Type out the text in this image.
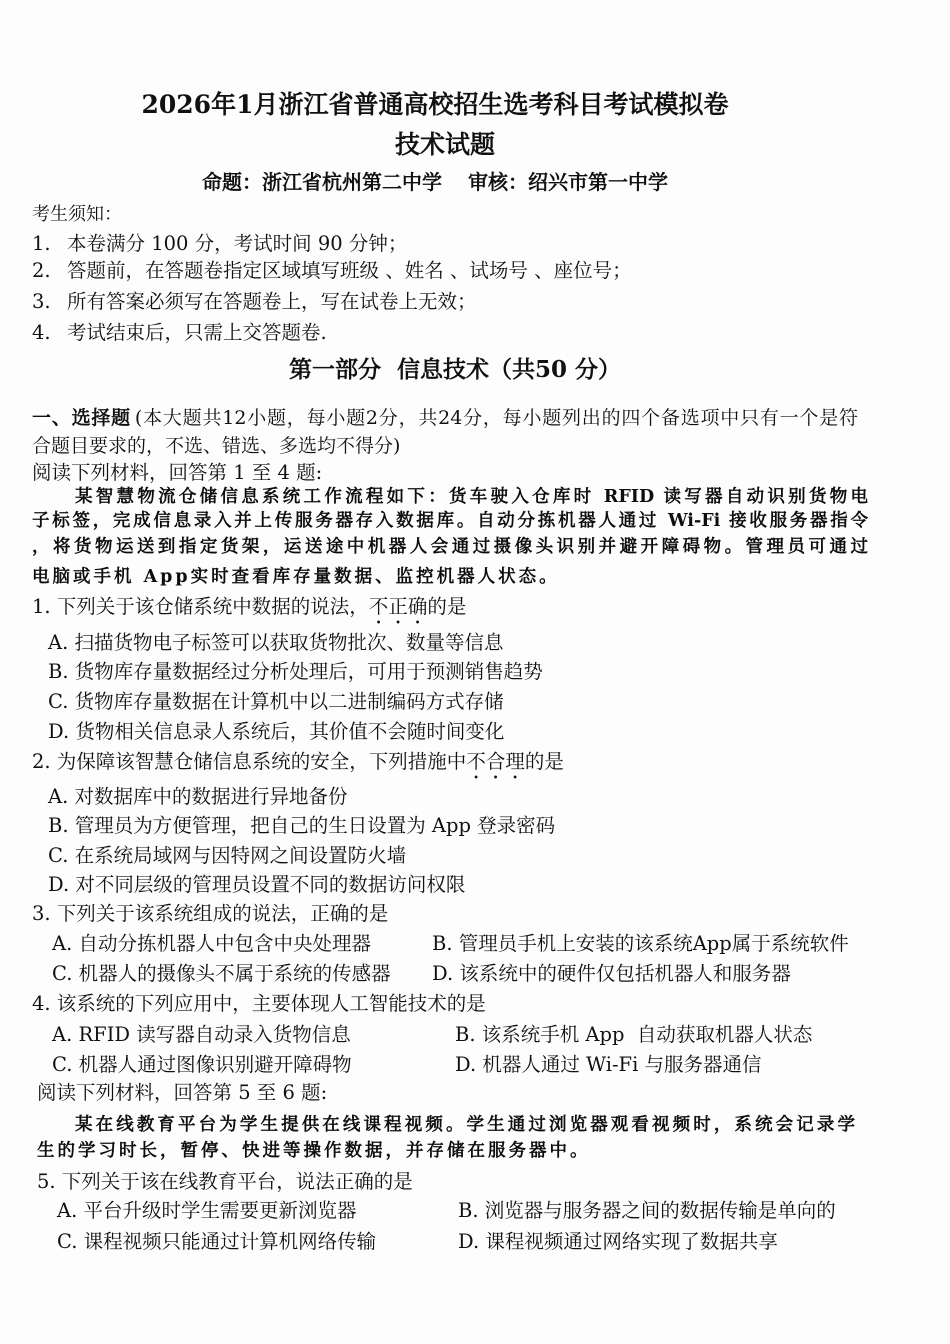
2026年1月浙江省普通高校招生选考科目考试模拟卷
技术试题
命题：浙江省杭州第二中学 审核：绍兴市第一中学
考生须知：
1. 本卷满分 100 分，考试时间 90 分钟；
2. 答题前，在答题卷指定区域填写班级 、姓名 、试场号 、座位号；
3. 所有答案必须写在答题卷上，写在试卷上无效；
4. 考试结束后，只需上交答题卷.
第一部分  信息技术（共50 分）
一、选择题 (本大题共12小题，每小题2分，共24分，每小题列出的四个备选项中只有一个是符
合题目要求的，不选、错选、多选均不得分)
阅读下列材料，回答第 1 至 4 题:
某智慧物流仓储信息系统工作流程如下：货车驶入仓库时 RFID 读写器自动识别货物电
子标签，完成信息录入并上传服务器存入数据库。自动分拣机器人通过 Wi-Fi 接收服务器指令
，将货物运送到指定货架，运送途中机器人会通过摄像头识别并避开障碍物。管理员可通过
电脑或手机 App实时查看库存量数据、监控机器人状态。
1. 下列关于该仓储系统中数据的说法，不正确的是
A. 扫描货物电子标签可以获取货物批次、数量等信息
B. 货物库存量数据经过分析处理后，可用于预测销售趋势
C. 货物库存量数据在计算机中以二进制编码方式存储
D. 货物相关信息录人系统后，其价值不会随时间变化
2. 为保障该智慧仓储信息系统的安全，下列措施中不合理的是
A. 对数据库中的数据进行异地备份
B. 管理员为方便管理，把自己的生日设置为 App 登录密码
C. 在系统局域网与因特网之间设置防火墙
D. 对不同层级的管理员设置不同的数据访问权限
3. 下列关于该系统组成的说法，正确的是
A. 自动分拣机器人中包含中央处理器	B. 管理员手机上安装的该系统App属于系统软件
C. 机器人的摄像头不属于系统的传感器 D. 该系统中的硬件仅包括机器人和服务器
4. 该系统的下列应用中，主要体现人工智能技术的是
A. RFID 读写器自动录入货物信息	B. 该系统手机 App  自动获取机器人状态
C. 机器人通过图像识别避开障碍物	D. 机器人通过 Wi-Fi 与服务器通信
阅读下列材料，回答第 5 至 6 题:
某在线教育平台为学生提供在线课程视频。学生通过浏览器观看视频时，系统会记录学
生的学习时长，暂停、快进等操作数据，并存储在服务器中。
5. 下列关于该在线教育平台，说法正确的是
A. 平台升级时学生需要更新浏览器	B. 浏览器与服务器之间的数据传输是单向的
C. 课程视频只能通过计算机网络传输	D. 课程视频通过网络实现了数据共享
